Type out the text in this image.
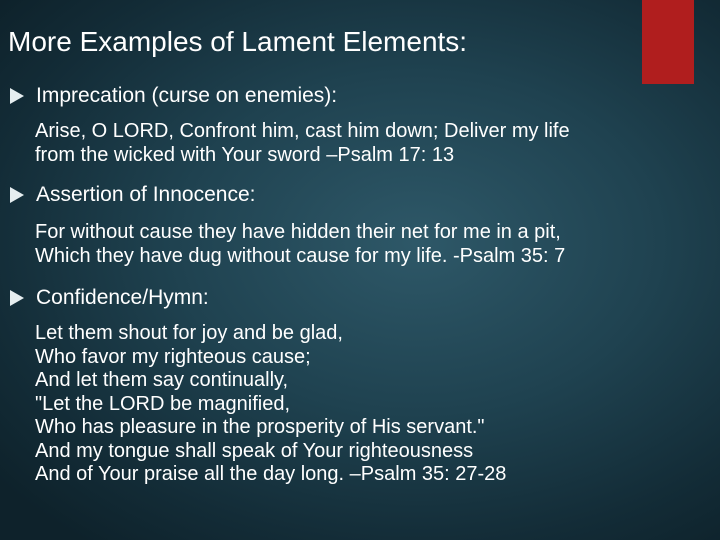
More Examples of Lament Elements:
Imprecation (curse on enemies):
Arise, O LORD, Confront him, cast him down; Deliver my life
from the wicked with Your sword –Psalm 17: 13
Assertion of Innocence:
For without cause they have hidden their net for me in a pit,
Which they have dug without cause for my life. -Psalm 35: 7
Confidence/Hymn:
Let them shout for joy and be glad,
Who favor my righteous cause;
And let them say continually,
"Let the LORD be magnified,
Who has pleasure in the prosperity of His servant."
And my tongue shall speak of Your righteousness
And of Your praise all the day long. –Psalm 35: 27-28
